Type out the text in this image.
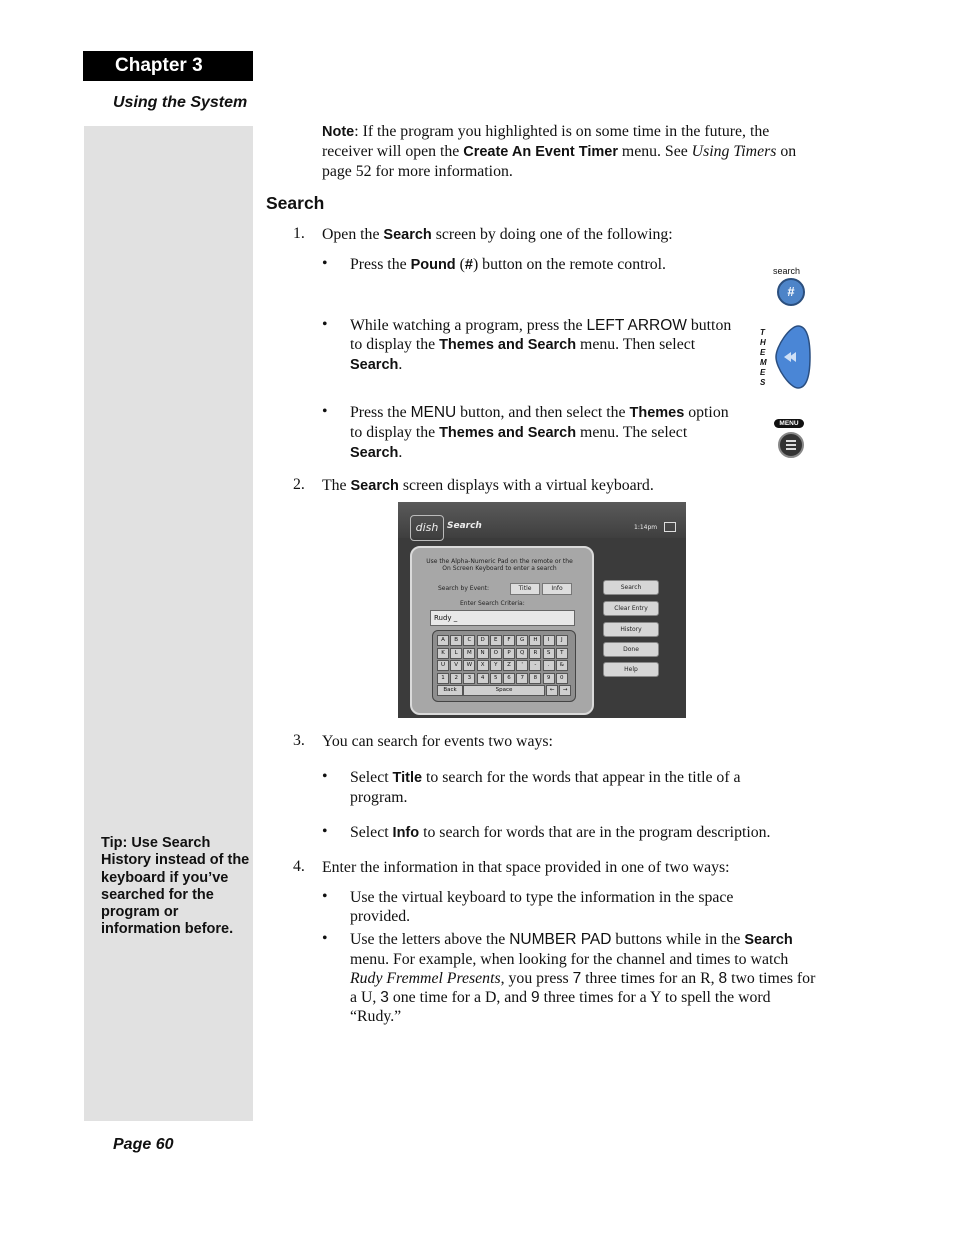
Chapter 3
Using the System
Tip: Use Search History instead of the keyboard if you’ve searched for the program or information before.
Page 60
Note: If the program you highlighted is on some time in the future, the receiver will open the Create An Event Timer menu. See Using Timers on page 52 for more information.
Search
1. Open the Search screen by doing one of the following:
• Press the Pound (#) button on the remote control.
• While watching a program, press the LEFT ARROW button to display the Themes and Search menu. Then select Search.
• Press the MENU button, and then select the Themes option to display the Themes and Search menu. The select Search.
search
#
T
H
E
M
E
S
MENU
2. The Search screen displays with a virtual keyboard.
dish Search	1:14pm
Use the Alpha-Numeric Pad on the remote or the On Screen Keyboard to enter a search
Search by Event:	Title	Info
Enter Search Criteria:
Rudy _
A	B	C	D	E	F	G	H	I	J
K	L	M	N	O	P	Q	R	S	T
U	V	W	X	Y	Z	'	-	.	&
1	2	3	4	5	6	7	8	9	0
Back	Space	←	→
Search
Clear Entry
History
Done
Help
3. You can search for events two ways:
• Select Title to search for the words that appear in the title of a program.
• Select Info to search for words that are in the program description.
4. Enter the information in that space provided in one of two ways:
• Use the virtual keyboard to type the information in the space provided.
• Use the letters above the NUMBER PAD buttons while in the Search menu. For example, when looking for the channel and times to watch Rudy Fremmel Presents, you press 7 three times for an R, 8 two times for a U, 3 one time for a D, and 9 three times for a Y to spell the word “Rudy.”
